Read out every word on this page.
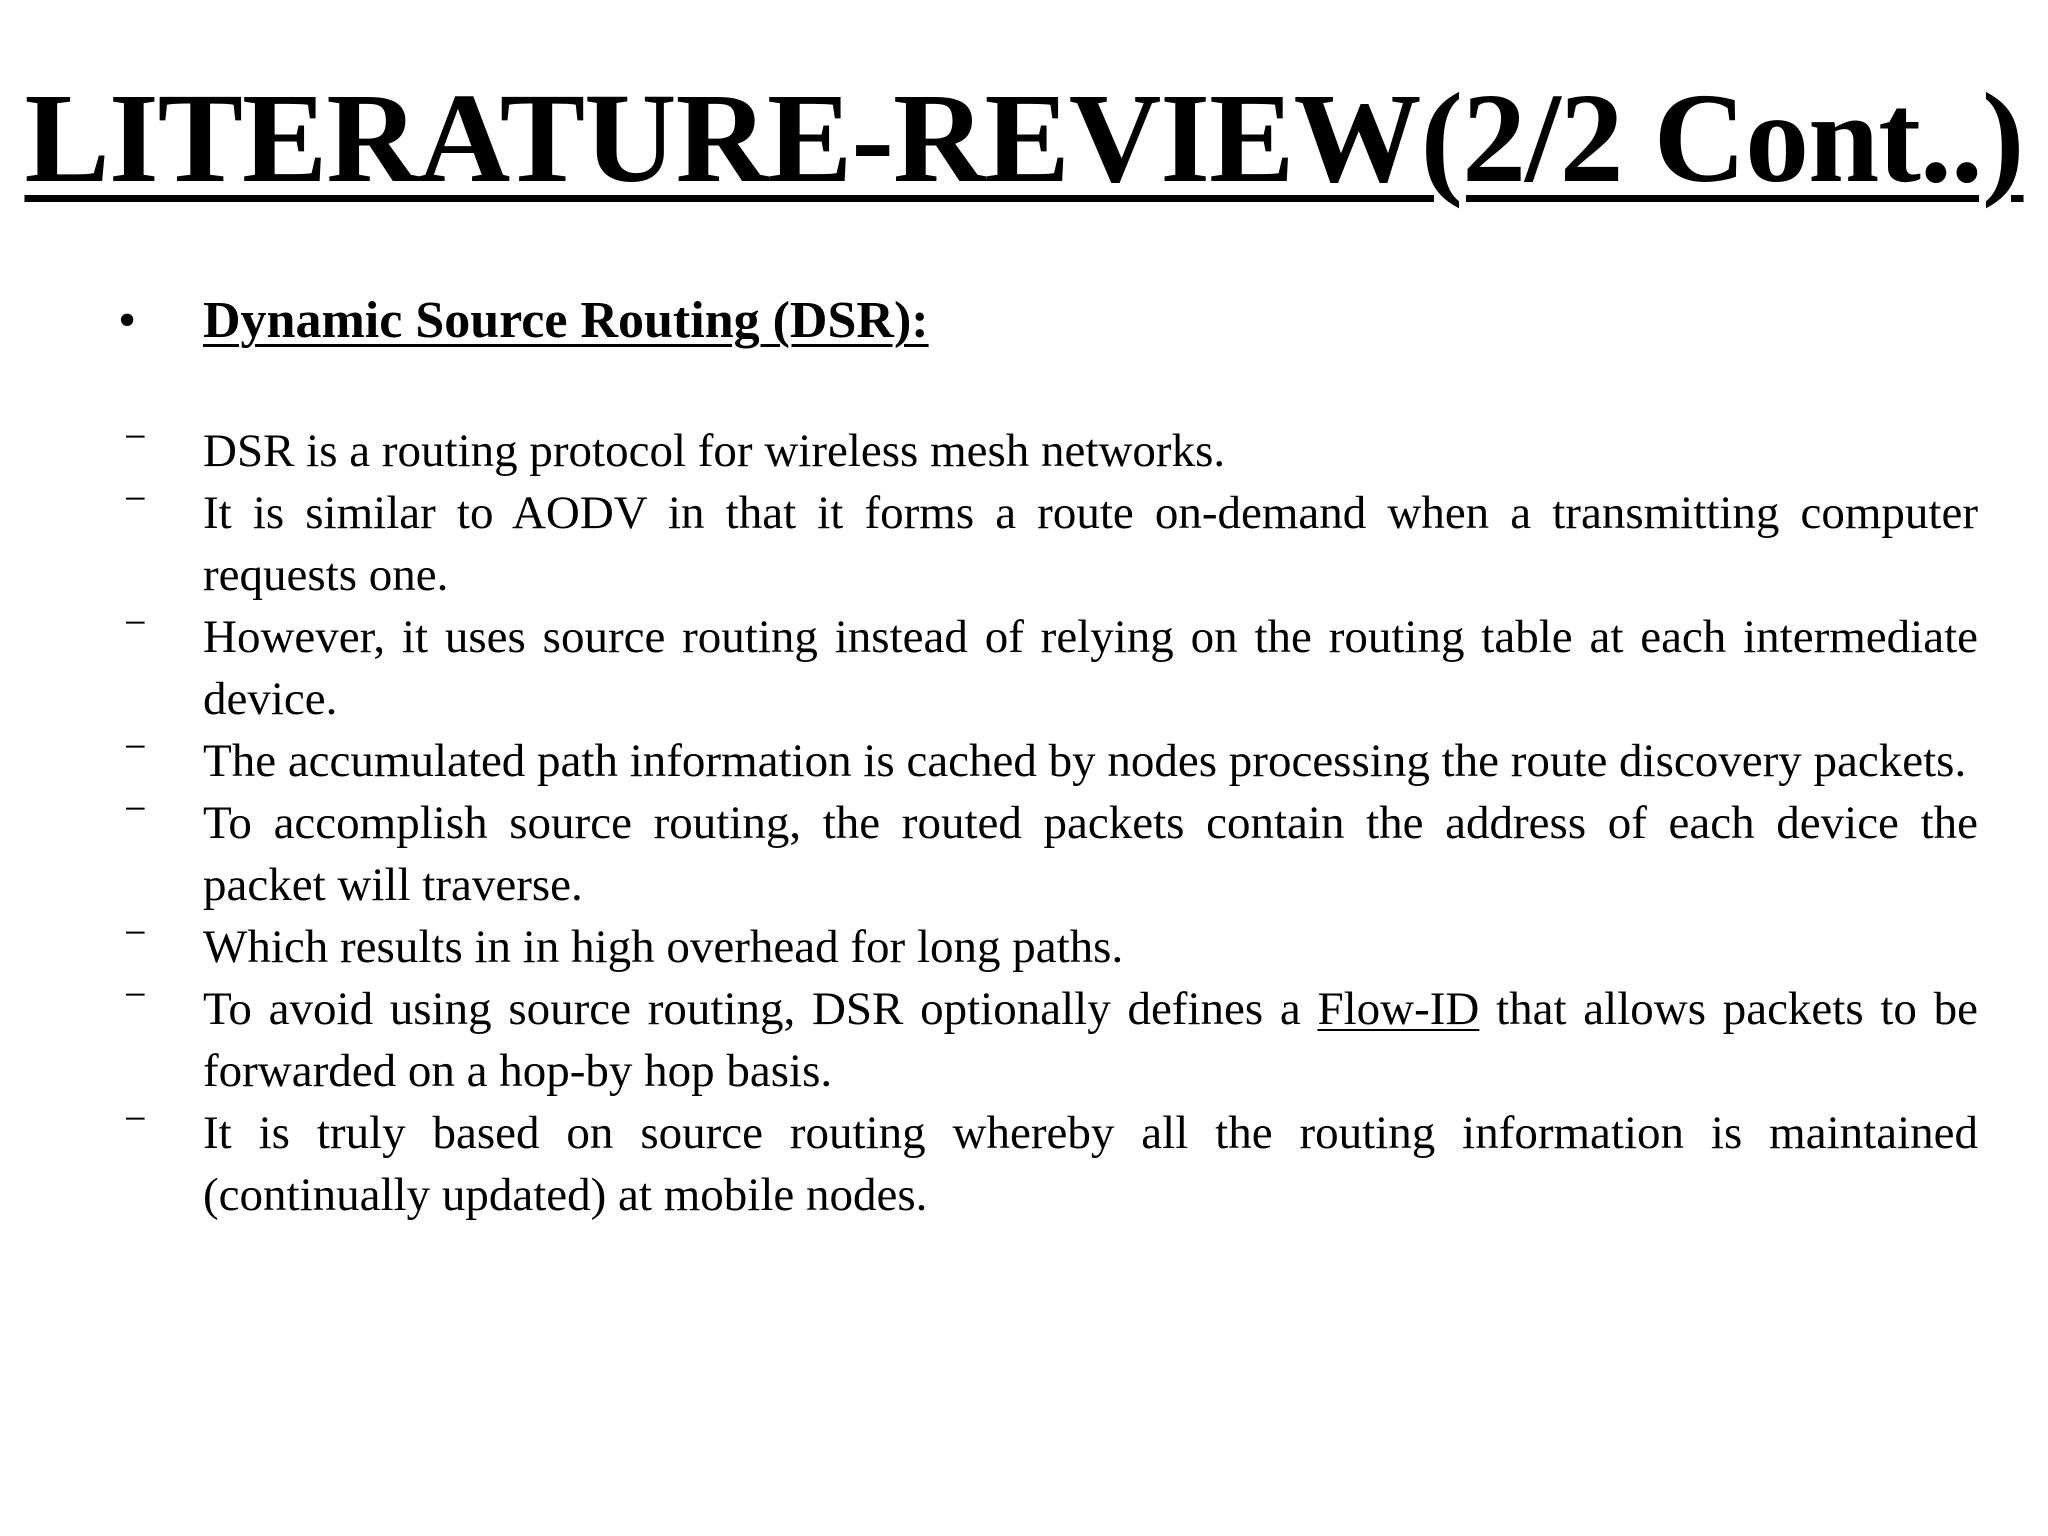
LITERATURE-REVIEW(2/2 Cont..)
• Dynamic Source Routing (DSR):
− DSR is a routing protocol for wireless mesh networks.
− It is similar to AODV in that it forms a route on-demand when a transmitting computer requests one.
− However, it uses source routing instead of relying on the routing table at each intermediate device.
− The accumulated path information is cached by nodes processing the route discovery packets.
− To accomplish source routing, the routed packets contain the address of each device the packet will traverse.
− Which results in in high overhead for long paths.
− To avoid using source routing, DSR optionally defines a Flow-ID that allows packets to be forwarded on a hop-by hop basis.
− It is truly based on source routing whereby all the routing information is maintained (continually updated) at mobile nodes.
